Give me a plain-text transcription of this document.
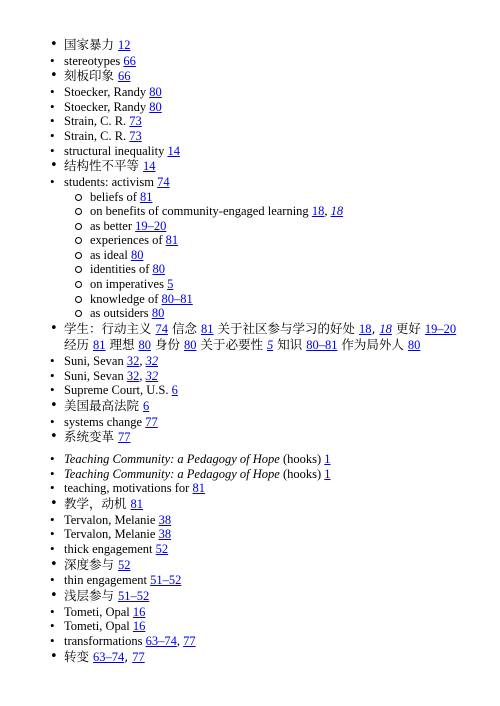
• 国家暴力 12
• stereotypes 66
• 刻板印象 66
• Stoecker, Randy 80
• Stoecker, Randy 80
• Strain, C. R. 73
• Strain, C. R. 73
• structural inequality 14
• 结构性不平等 14
• students: activism 74
beliefs of 81
on benefits of community-engaged learning 18, 18
as better 19–20
experiences of 81
as ideal 80
identities of 80
on imperatives 5
knowledge of 80–81
as outsiders 80
• 学生：行动主义 74 信念 81 关于社区参与学习的好处 18, 18 更好 19–20
经历 81 理想 80 身份 80 关于必要性 5 知识 80–81 作为局外人 80
• Suni, Sevan 32, 32
• Suni, Sevan 32, 32
• Supreme Court, U.S. 6
• 美国最高法院 6
• systems change 77
• 系统变革 77
• Teaching Community: a Pedagogy of Hope (hooks) 1
• Teaching Community: a Pedagogy of Hope (hooks) 1
• teaching, motivations for 81
• 教学，动机 81
• Tervalon, Melanie 38
• Tervalon, Melanie 38
• thick engagement 52
• 深度参与 52
• thin engagement 51–52
• 浅层参与 51–52
• Tometi, Opal 16
• Tometi, Opal 16
• transformations 63–74, 77
• 转变 63–74, 77
